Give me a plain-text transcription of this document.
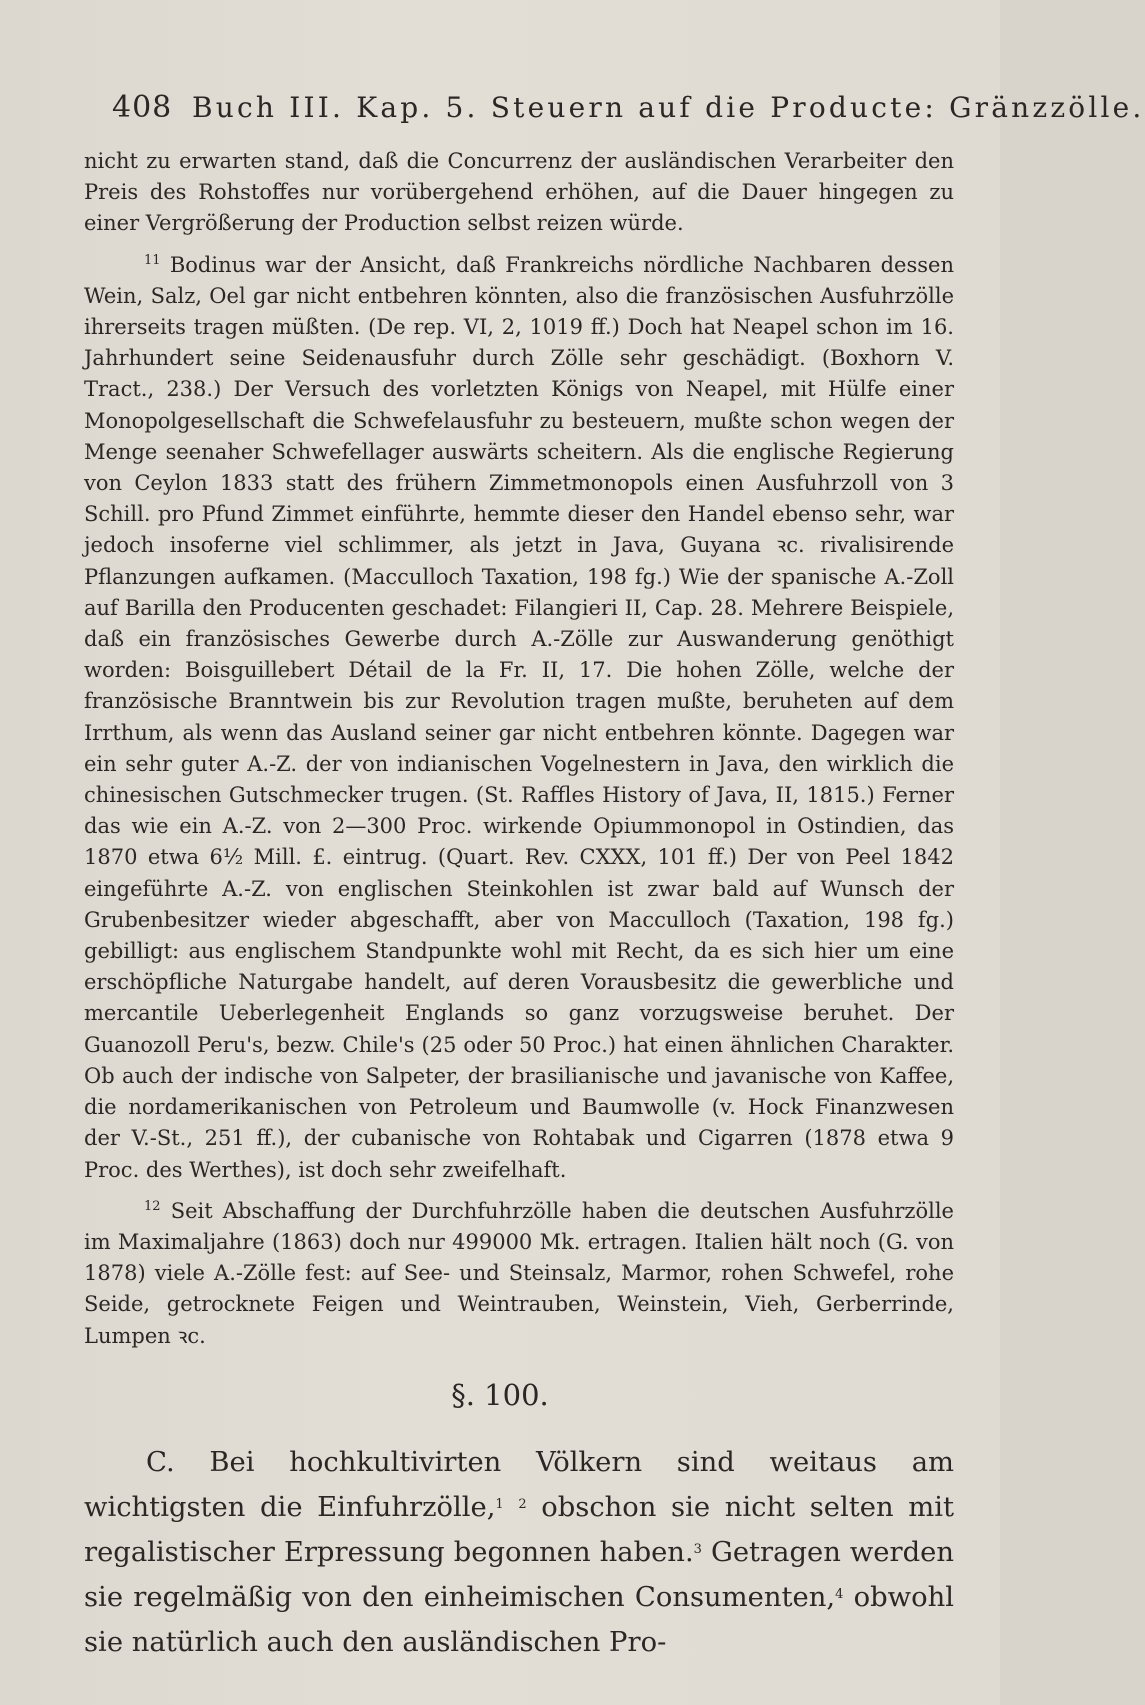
408 Buch III. Kap. 5. Steuern auf die Producte: Gränzzölle.

nicht zu erwarten stand, daß die Concurrenz der ausländischen Verarbeiter den Preis des Rohstoffes nur vorübergehend erhöhen, auf die Dauer hingegen zu einer Vergrößerung der Production selbst reizen würde.

$^{11}$ Bodinus war der Ansicht, daß Frankreichs nördliche Nachbaren dessen Wein, Salz, Oel gar nicht entbehren könnten, also die französischen Ausfuhrzölle ihrerseits tragen müßten. (De rep. VI, 2, 1019 ff.) Doch hat Neapel schon im 16. Jahrhundert seine Seidenausfuhr durch Zölle sehr geschädigt. (Boxhorn V. Tract., 238.) Der Versuch des vorletzten Königs von Neapel, mit Hülfe einer Monopolgesellschaft die Schwefelausfuhr zu besteuern, mußte schon wegen der Menge seenaher Schwefellager auswärts scheitern. Als die englische Regierung von Ceylon 1833 statt des frühern Zimmetmonopols einen Ausfuhrzoll von 3 Schill. pro Pfund Zimmet einführte, hemmte dieser den Handel ebenso sehr, war jedoch insoferne viel schlimmer, als jetzt in Java, Guyana ꝛc. rivalisirende Pflanzungen aufkamen. (Macculloch Taxation, 198 fg.) Wie der spanische A.-Zoll auf Barilla den Producenten geschadet: Filangieri II, Cap. 28. Mehrere Beispiele, daß ein französisches Gewerbe durch A.-Zölle zur Auswanderung genöthigt worden: Boisguillebert Détail de la Fr. II, 17. Die hohen Zölle, welche der französische Branntwein bis zur Revolution tragen mußte, beruheten auf dem Irrthum, als wenn das Ausland seiner gar nicht entbehren könnte. Dagegen war ein sehr guter A.-Z. der von indianischen Vogelnestern in Java, den wirklich die chinesischen Gutschmecker trugen. (St. Raffles History of Java, II, 1815.) Ferner das wie ein A.-Z. von 2—300 Proc. wirkende Opiummonopol in Ostindien, das 1870 etwa 6½ Mill. £. eintrug. (Quart. Rev. CXXX, 101 ff.) Der von Peel 1842 eingeführte A.-Z. von englischen Steinkohlen ist zwar bald auf Wunsch der Grubenbesitzer wieder abgeschafft, aber von Macculloch (Taxation, 198 fg.) gebilligt: aus englischem Standpunkte wohl mit Recht, da es sich hier um eine erschöpfliche Naturgabe handelt, auf deren Vorausbesitz die gewerbliche und mercantile Ueberlegenheit Englands so ganz vorzugsweise beruhet. Der Guanozoll Peru's, bezw. Chile's (25 oder 50 Proc.) hat einen ähnlichen Charakter. Ob auch der indische von Salpeter, der brasilianische und javanische von Kaffee, die nordamerikanischen von Petroleum und Baumwolle (v. Hock Finanzwesen der V.-St., 251 ff.), der cubanische von Rohtabak und Cigarren (1878 etwa 9 Proc. des Werthes), ist doch sehr zweifelhaft.

$^{12}$ Seit Abschaffung der Durchfuhrzölle haben die deutschen Ausfuhrzölle im Maximaljahre (1863) doch nur 499000 Mk. ertragen. Italien hält noch (G. von 1878) viele A.-Zölle fest: auf See- und Steinsalz, Marmor, rohen Schwefel, rohe Seide, getrocknete Feigen und Weintrauben, Weinstein, Vieh, Gerberrinde, Lumpen ꝛc.

§. 100.

C. Bei hochkultivirten Völkern sind weitaus am wichtigsten die Einfuhrzölle,$^1$ $^2$ obschon sie nicht selten mit regalistischer Erpressung begonnen haben.$^3$ Getragen werden sie regelmäßig von den einheimischen Consumenten,$^4$ obwohl sie natürlich auch den ausländischen Pro-
